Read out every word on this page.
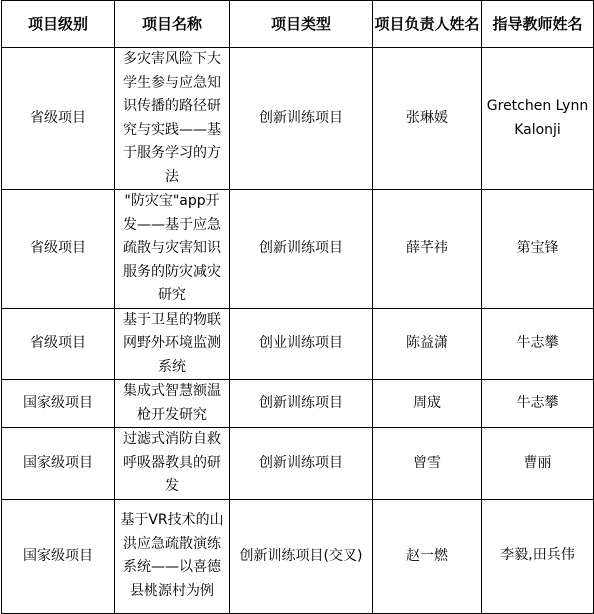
项目级别	项目名称	项目类型	项目负责人姓名	指导教师姓名
省级项目	多灾害风险下大学生参与应急知识传播的路径研究与实践——基于服务学习的方法	创新训练项目	张琳媛	Gretchen Lynn Kalonji

省级项目	"防灾宝"app开发——基于应急疏散与灾害知识服务的防灾减灾研究	创新训练项目	薛芊祎	第宝锋

省级项目	基于卫星的物联网野外环境监测系统	创业训练项目	陈益潇	牛志攀

国家级项目	集成式智慧额温枪开发研究	创新训练项目	周宬	牛志攀

国家级项目	过滤式消防自救呼吸器教具的研发	创新训练项目	曾雪	曹丽

国家级项目	基于VR技术的山洪应急疏散演练系统——以喜德县桃源村为例	创新训练项目(交叉)	赵一燃	李毅,田兵伟
